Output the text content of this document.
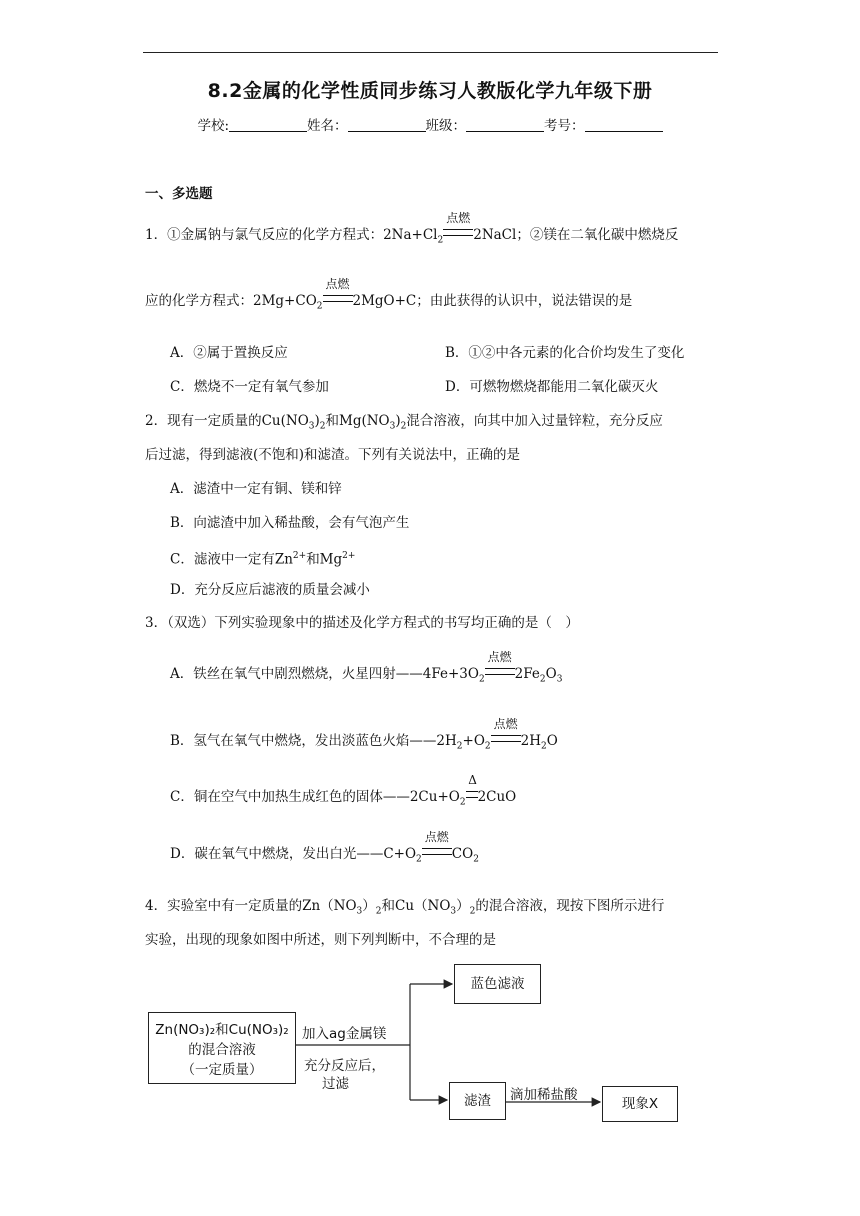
8.2金属的化学性质同步练习人教版化学九年级下册
学校:	姓名：	班级：	考号：
一、多选题
1．①金属钠与氯气反应的化学方程式：$2Na+Cl_2$
点燃
2NaCl；②镁在二氧化碳中燃烧反
应的化学方程式：$2Mg+CO_2$
点燃
2MgO+C；由此获得的认识中，说法错误的是
A．②属于置换反应	B．①②中各元素的化合价均发生了变化
C．燃烧不一定有氧气参加	D．可燃物燃烧都能用二氧化碳灭火
2．现有一定质量的$Cu(NO_3)_2$和$Mg(NO_3)_2$混合溶液，向其中加入过量锌粒，充分反应
后过滤，得到滤液(不饱和)和滤渣。下列有关说法中，正确的是
A．滤渣中一定有铜、镁和锌
B．向滤渣中加入稀盐酸，会有气泡产生
C．滤液中一定有$Zn^{2+}$和$Mg^{2+}$
D．充分反应后滤液的质量会减小
3．（双选）下列实验现象中的描述及化学方程式的书写均正确的是（　）
A．铁丝在氧气中剧烈燃烧，火星四射$——4Fe+3O_2$
点燃
$2Fe_2O_3$
B．氢气在氧气中燃烧，发出淡蓝色火焰$——2H_2+O_2$
点燃
$2H_2O$
C．铜在空气中加热生成红色的固体$——2Cu+O_2$
Δ
2CuO
D．碳在氧气中燃烧，发出白光$——C+O_2$
点燃
$CO_2$
4．实验室中有一定质量的$Zn(NO_3)_2$和$Cu(NO_3)_2$的混合溶液，现按下图所示进行
实验，出现的现象如图中所述，则下列判断中，不合理的是
Zn(NO₃)₂和Cu(NO₃)₂
的混合溶液
（一定质量）
加入ag金属镁
充分反应后，
过滤
蓝色滤液
滤渣	滴加稀盐酸
现象X
